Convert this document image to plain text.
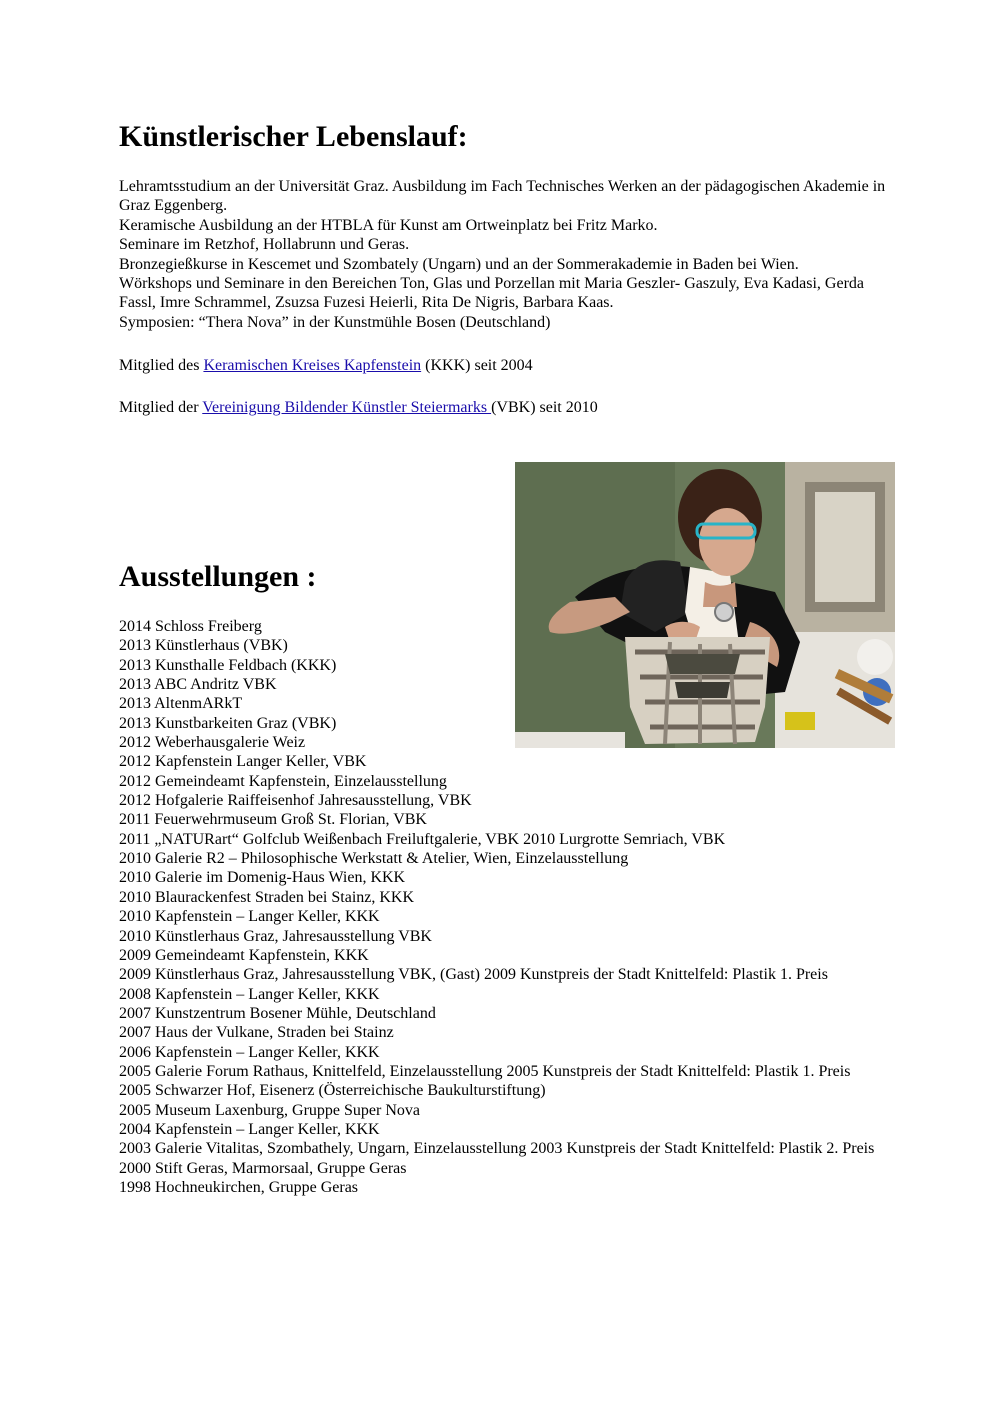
Künstlerischer Lebenslauf:
Lehramtsstudium an der Universität Graz. Ausbildung im Fach Technisches Werken an der pädagogischen Akademie in Graz Eggenberg.
Keramische Ausbildung an der HTBLA für Kunst am Ortweinplatz bei Fritz Marko.
Seminare im Retzhof, Hollabrunn und Geras.
Bronzegießkurse in Kescemet und Szombately (Ungarn) und an der Sommerakademie in Baden bei Wien.
Wörkshops und Seminare in den Bereichen Ton, Glas und Porzellan mit Maria Geszler- Gaszuly, Eva Kadasi, Gerda Fassl, Imre Schrammel, Zsuzsa Fuzesi Heierli, Rita De Nigris, Barbara Kaas.
Symposien: “Thera Nova” in der Kunstmühle Bosen (Deutschland)
Mitglied des Keramischen Kreises Kapfenstein (KKK) seit 2004
Mitglied der Vereinigung Bildender Künstler Steiermarks (VBK) seit 2010
Ausstellungen :
2014 Schloss Freiberg
2013 Künstlerhaus (VBK)
2013 Kunsthalle Feldbach (KKK)
2013 ABC Andritz VBK
2013 AltenmARkT
2013 Kunstbarkeiten Graz (VBK)
2012 Weberhausgalerie Weiz
2012 Kapfenstein Langer Keller, VBK
2012 Gemeindeamt Kapfenstein, Einzelausstellung
2012 Hofgalerie Raiffeisenhof Jahresausstellung, VBK
2011 Feuerwehrmuseum Groß St. Florian, VBK
2011 „NATURart“ Golfclub Weißenbach Freiluftgalerie, VBK 2010 Lurgrotte Semriach, VBK
2010 Galerie R2 – Philosophische Werkstatt & Atelier, Wien, Einzelausstellung
2010 Galerie im Domenig-Haus Wien, KKK
2010 Blaurackenfest Straden bei Stainz, KKK
2010 Kapfenstein – Langer Keller, KKK
2010 Künstlerhaus Graz, Jahresausstellung VBK
2009 Gemeindeamt Kapfenstein, KKK
2009 Künstlerhaus Graz, Jahresausstellung VBK, (Gast) 2009 Kunstpreis der Stadt Knittelfeld: Plastik 1. Preis
2008 Kapfenstein – Langer Keller, KKK
2007 Kunstzentrum Bosener Mühle, Deutschland
2007 Haus der Vulkane, Straden bei Stainz
2006 Kapfenstein – Langer Keller, KKK
2005 Galerie Forum Rathaus, Knittelfeld, Einzelausstellung 2005 Kunstpreis der Stadt Knittelfeld: Plastik 1. Preis
2005 Schwarzer Hof, Eisenerz (Österreichische Baukulturstiftung)
2005 Museum Laxenburg, Gruppe Super Nova
2004 Kapfenstein – Langer Keller, KKK
2003 Galerie Vitalitas, Szombathely, Ungarn, Einzelausstellung 2003 Kunstpreis der Stadt Knittelfeld: Plastik 2. Preis
2000 Stift Geras, Marmorsaal, Gruppe Geras
1998 Hochneukirchen, Gruppe Geras
